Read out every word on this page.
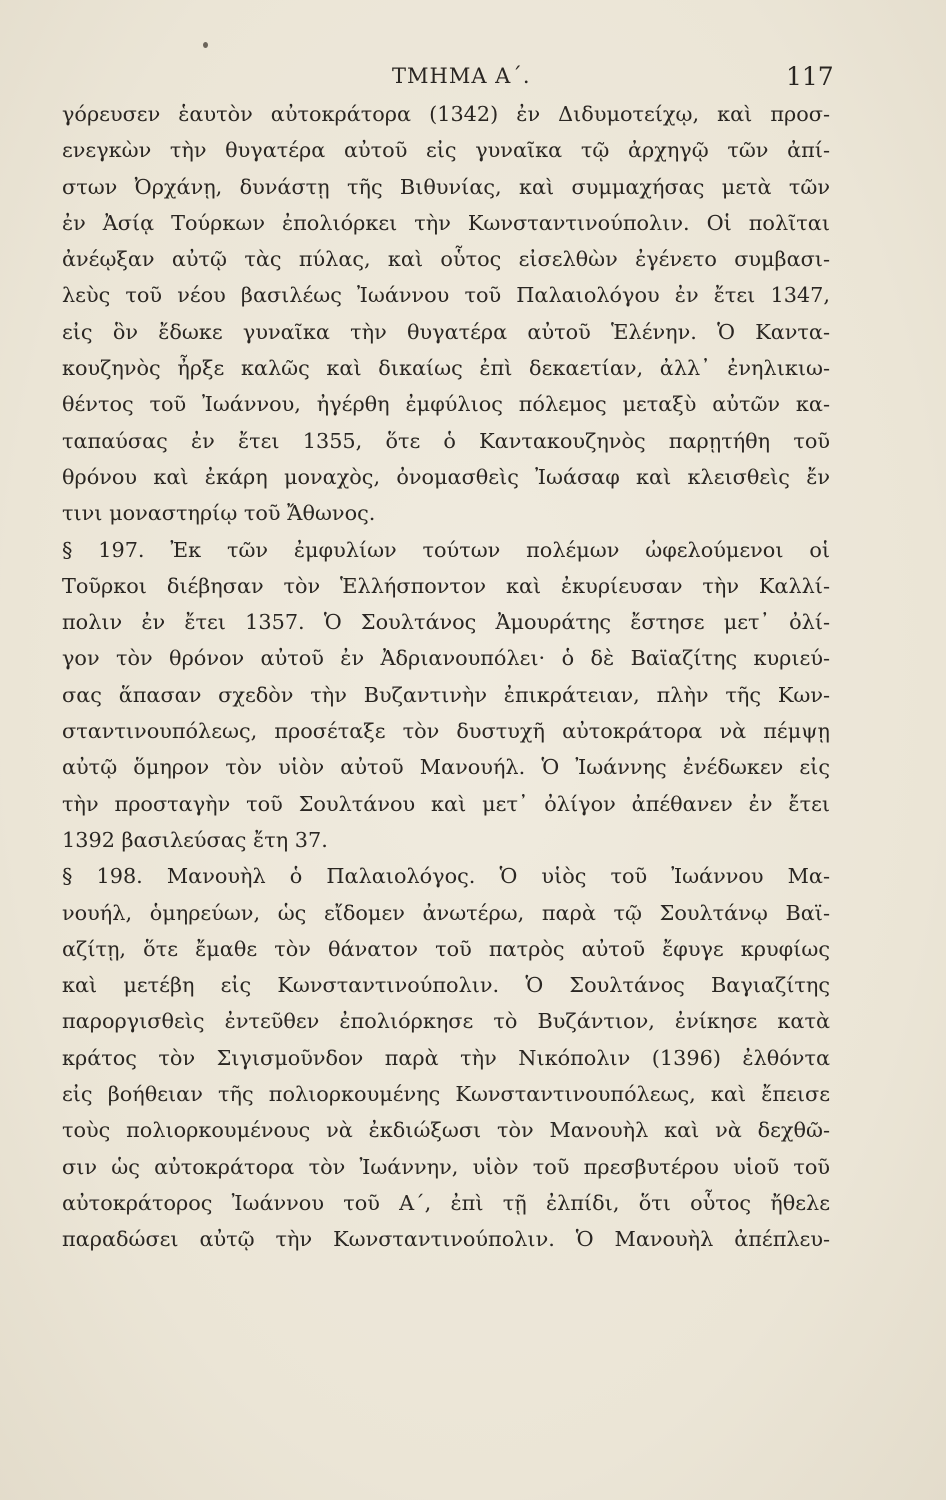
ΤΜΗΜΑ Α΄.	117
γόρευσεν ἑαυτὸν αὐτοκράτορα (1342) ἐν Διδυμοτείχῳ, καὶ προσ-
ενεγκὼν τὴν θυγατέρα αὐτοῦ εἰς γυναῖκα τῷ ἀρχηγῷ τῶν ἀπί-
στων Ὀρχάνῃ, δυνάστῃ τῆς Βιθυνίας, καὶ συμμαχήσας μετὰ τῶν
ἐν Ἀσίᾳ Τούρκων ἐπολιόρκει τὴν Κωνσταντινούπολιν. Οἱ πολῖται
ἀνέῳξαν αὐτῷ τὰς πύλας, καὶ οὗτος εἰσελθὼν ἐγένετο συμβασι-
λεὺς τοῦ νέου βασιλέως Ἰωάννου τοῦ Παλαιολόγου ἐν ἔτει 1347,
εἰς ὃν ἔδωκε γυναῖκα τὴν θυγατέρα αὐτοῦ Ἑλένην. Ὁ Καντα-
κουζηνὸς ἦρξε καλῶς καὶ δικαίως ἐπὶ δεκαετίαν, ἀλλ᾽ ἐνηλικιω-
θέντος τοῦ Ἰωάννου, ἠγέρθη ἐμφύλιος πόλεμος μεταξὺ αὐτῶν κα-
ταπαύσας ἐν ἔτει 1355, ὅτε ὁ Καντακουζηνὸς παρῃτήθη τοῦ
θρόνου καὶ ἐκάρη μοναχὸς, ὀνομασθεὶς Ἰωάσαφ καὶ κλεισθεὶς ἔν
τινι μοναστηρίῳ τοῦ Ἄθωνος.
§ 197. Ἐκ τῶν ἐμφυλίων τούτων πολέμων ὠφελούμενοι οἱ
Τοῦρκοι διέβησαν τὸν Ἑλλήσποντον καὶ ἐκυρίευσαν τὴν Καλλί-
πολιν ἐν ἔτει 1357. Ὁ Σουλτάνος Ἀμουράτης ἔστησε μετ᾽ ὀλί-
γον τὸν θρόνον αὐτοῦ ἐν Ἀδριανουπόλει· ὁ δὲ Βαϊαζίτης κυριεύ-
σας ἅπασαν σχεδὸν τὴν Βυζαντινὴν ἐπικράτειαν, πλὴν τῆς Κων-
σταντινουπόλεως, προσέταξε τὸν δυστυχῆ αὐτοκράτορα νὰ πέμψῃ
αὐτῷ ὅμηρον τὸν υἱὸν αὐτοῦ Μανουήλ. Ὁ Ἰωάννης ἐνέδωκεν εἰς
τὴν προσταγὴν τοῦ Σουλτάνου καὶ μετ᾽ ὀλίγον ἀπέθανεν ἐν ἔτει
1392 βασιλεύσας ἔτη 37.
§ 198. Μανουὴλ ὁ Παλαιολόγος. Ὁ υἱὸς τοῦ Ἰωάννου Μα-
νουήλ, ὁμηρεύων, ὡς εἴδομεν ἀνωτέρω, παρὰ τῷ Σουλτάνῳ Βαϊ-
αζίτῃ, ὅτε ἔμαθε τὸν θάνατον τοῦ πατρὸς αὐτοῦ ἔφυγε κρυφίως
καὶ μετέβη εἰς Κωνσταντινούπολιν. Ὁ Σουλτάνος Βαγιαζίτης
παροργισθεὶς ἐντεῦθεν ἐπολιόρκησε τὸ Βυζάντιον, ἐνίκησε κατὰ
κράτος τὸν Σιγισμοῦνδον παρὰ τὴν Νικόπολιν (1396) ἐλθόντα
εἰς βοήθειαν τῆς πολιορκουμένης Κωνσταντινουπόλεως, καὶ ἔπεισε
τοὺς πολιορκουμένους νὰ ἐκδιώξωσι τὸν Μανουὴλ καὶ νὰ δεχθῶ-
σιν ὡς αὐτοκράτορα τὸν Ἰωάννην, υἱὸν τοῦ πρεσβυτέρου υἱοῦ τοῦ
αὐτοκράτορος Ἰωάννου τοῦ Α΄, ἐπὶ τῇ ἐλπίδι, ὅτι οὗτος ἤθελε
παραδώσει αὐτῷ τὴν Κωνσταντινούπολιν. Ὁ Μανουὴλ ἀπέπλευ-
